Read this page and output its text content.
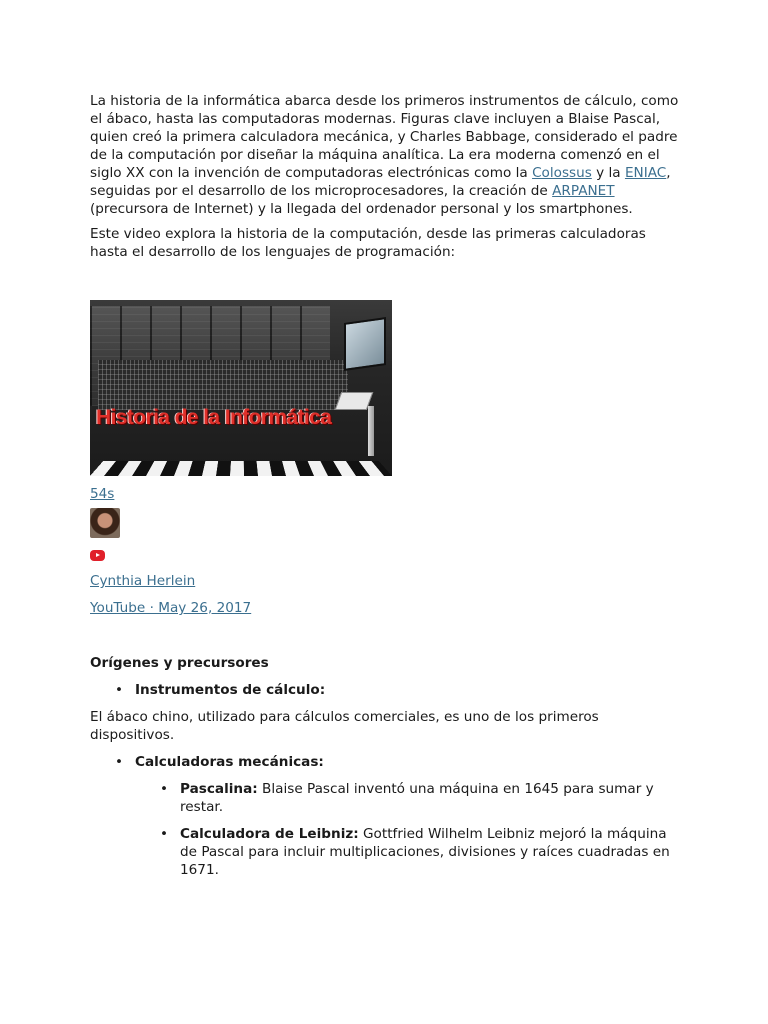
La historia de la informática abarca desde los primeros instrumentos de cálculo, como el ábaco, hasta las computadoras modernas. Figuras clave incluyen a Blaise Pascal, quien creó la primera calculadora mecánica, y Charles Babbage, considerado el padre de la computación por diseñar la máquina analítica. La era moderna comenzó en el siglo XX con la invención de computadoras electrónicas como la Colossus y la ENIAC, seguidas por el desarrollo de los microprocesadores, la creación de ARPANET (precursora de Internet) y la llegada del ordenador personal y los smartphones.

Este video explora la historia de la computación, desde las primeras calculadoras hasta el desarrollo de los lenguajes de programación:

Historia de la Informática
54s
Cynthia Herlein
YouTube · May 26, 2017
Orígenes y precursores
• Instrumentos de cálculo:

El ábaco chino, utilizado para cálculos comerciales, es uno de los primeros dispositivos.

• Calculadoras mecánicas:
• Pascalina: Blaise Pascal inventó una máquina en 1645 para sumar y restar.
• Calculadora de Leibniz: Gottfried Wilhelm Leibniz mejoró la máquina de Pascal para incluir multiplicaciones, divisiones y raíces cuadradas en 1671.
